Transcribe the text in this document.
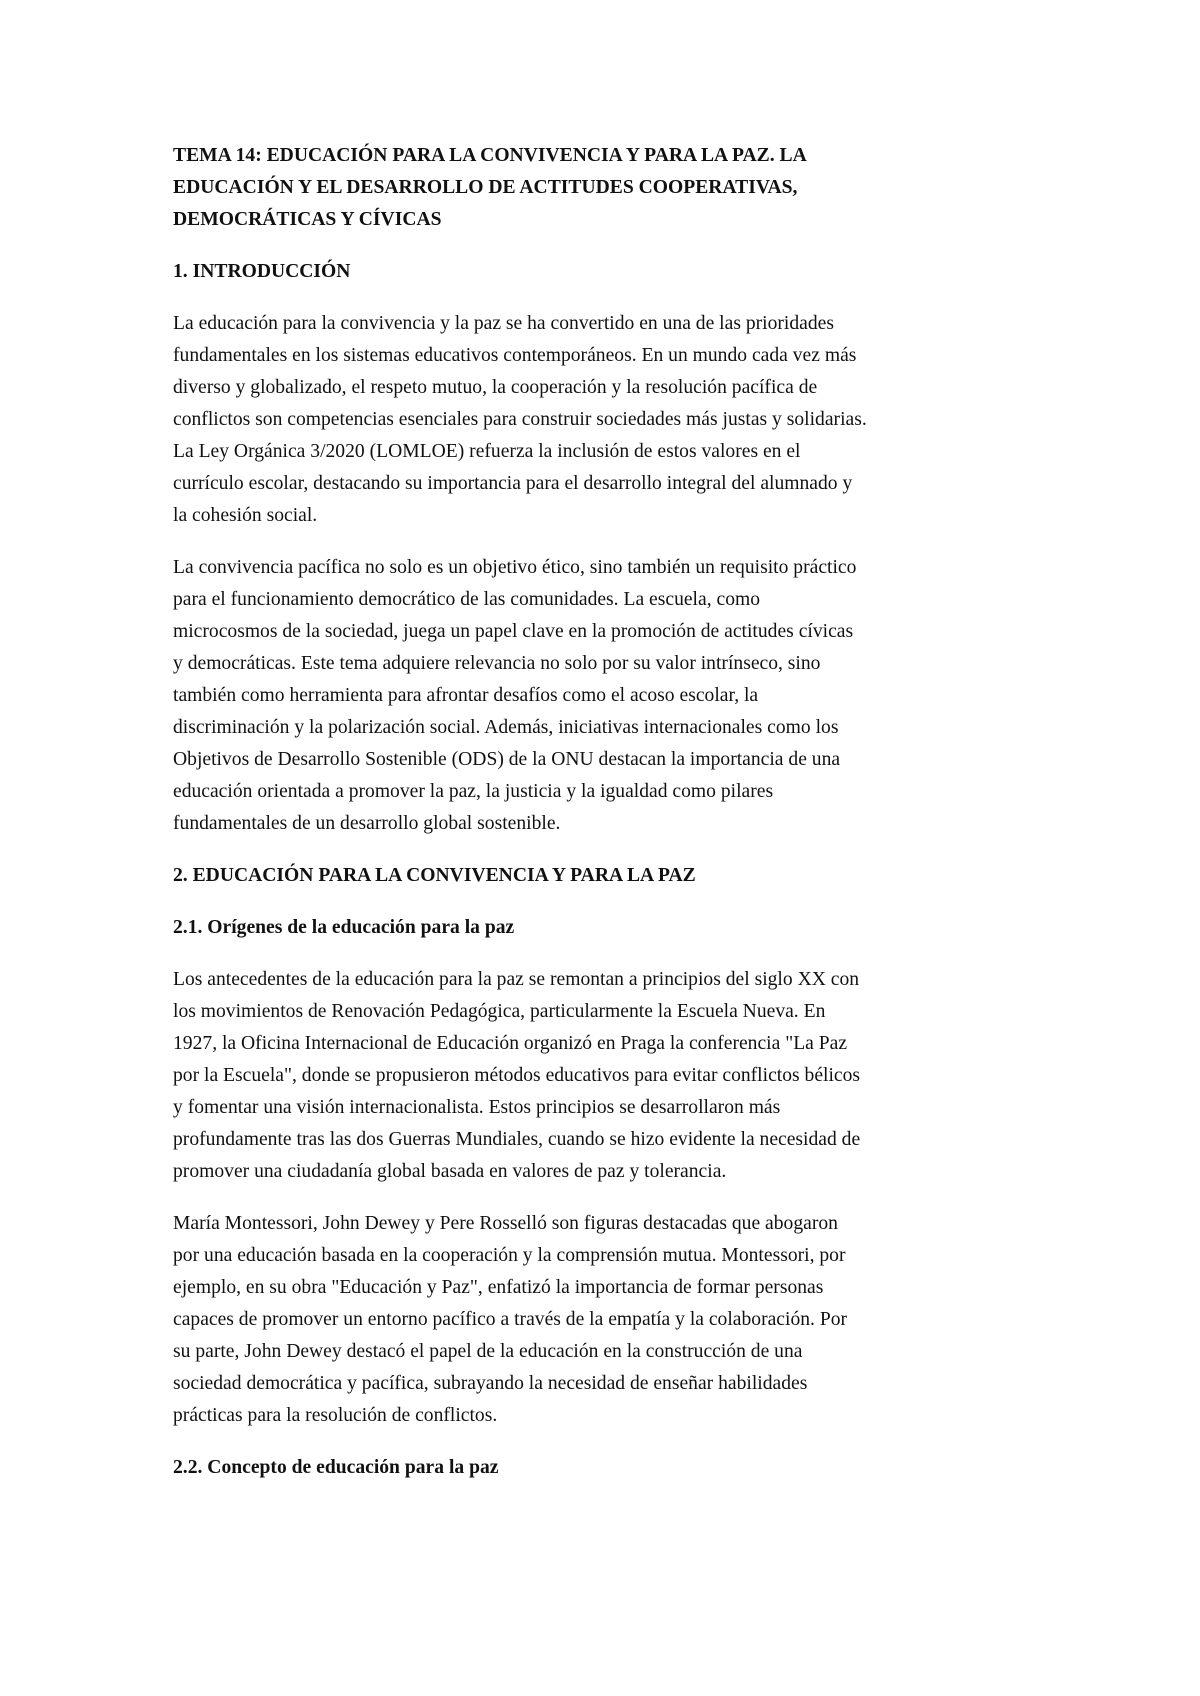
TEMA 14: EDUCACIÓN PARA LA CONVIVENCIA Y PARA LA PAZ. LA
EDUCACIÓN Y EL DESARROLLO DE ACTITUDES COOPERATIVAS,
DEMOCRÁTICAS Y CÍVICAS
1. INTRODUCCIÓN
La educación para la convivencia y la paz se ha convertido en una de las prioridades
fundamentales en los sistemas educativos contemporáneos. En un mundo cada vez más
diverso y globalizado, el respeto mutuo, la cooperación y la resolución pacífica de
conflictos son competencias esenciales para construir sociedades más justas y solidarias.
La Ley Orgánica 3/2020 (LOMLOE) refuerza la inclusión de estos valores en el
currículo escolar, destacando su importancia para el desarrollo integral del alumnado y
la cohesión social.
La convivencia pacífica no solo es un objetivo ético, sino también un requisito práctico
para el funcionamiento democrático de las comunidades. La escuela, como
microcosmos de la sociedad, juega un papel clave en la promoción de actitudes cívicas
y democráticas. Este tema adquiere relevancia no solo por su valor intrínseco, sino
también como herramienta para afrontar desafíos como el acoso escolar, la
discriminación y la polarización social. Además, iniciativas internacionales como los
Objetivos de Desarrollo Sostenible (ODS) de la ONU destacan la importancia de una
educación orientada a promover la paz, la justicia y la igualdad como pilares
fundamentales de un desarrollo global sostenible.
2. EDUCACIÓN PARA LA CONVIVENCIA Y PARA LA PAZ
2.1. Orígenes de la educación para la paz
Los antecedentes de la educación para la paz se remontan a principios del siglo XX con
los movimientos de Renovación Pedagógica, particularmente la Escuela Nueva. En
1927, la Oficina Internacional de Educación organizó en Praga la conferencia "La Paz
por la Escuela", donde se propusieron métodos educativos para evitar conflictos bélicos
y fomentar una visión internacionalista. Estos principios se desarrollaron más
profundamente tras las dos Guerras Mundiales, cuando se hizo evidente la necesidad de
promover una ciudadanía global basada en valores de paz y tolerancia.
María Montessori, John Dewey y Pere Rosselló son figuras destacadas que abogaron
por una educación basada en la cooperación y la comprensión mutua. Montessori, por
ejemplo, en su obra "Educación y Paz", enfatizó la importancia de formar personas
capaces de promover un entorno pacífico a través de la empatía y la colaboración. Por
su parte, John Dewey destacó el papel de la educación en la construcción de una
sociedad democrática y pacífica, subrayando la necesidad de enseñar habilidades
prácticas para la resolución de conflictos.
2.2. Concepto de educación para la paz
